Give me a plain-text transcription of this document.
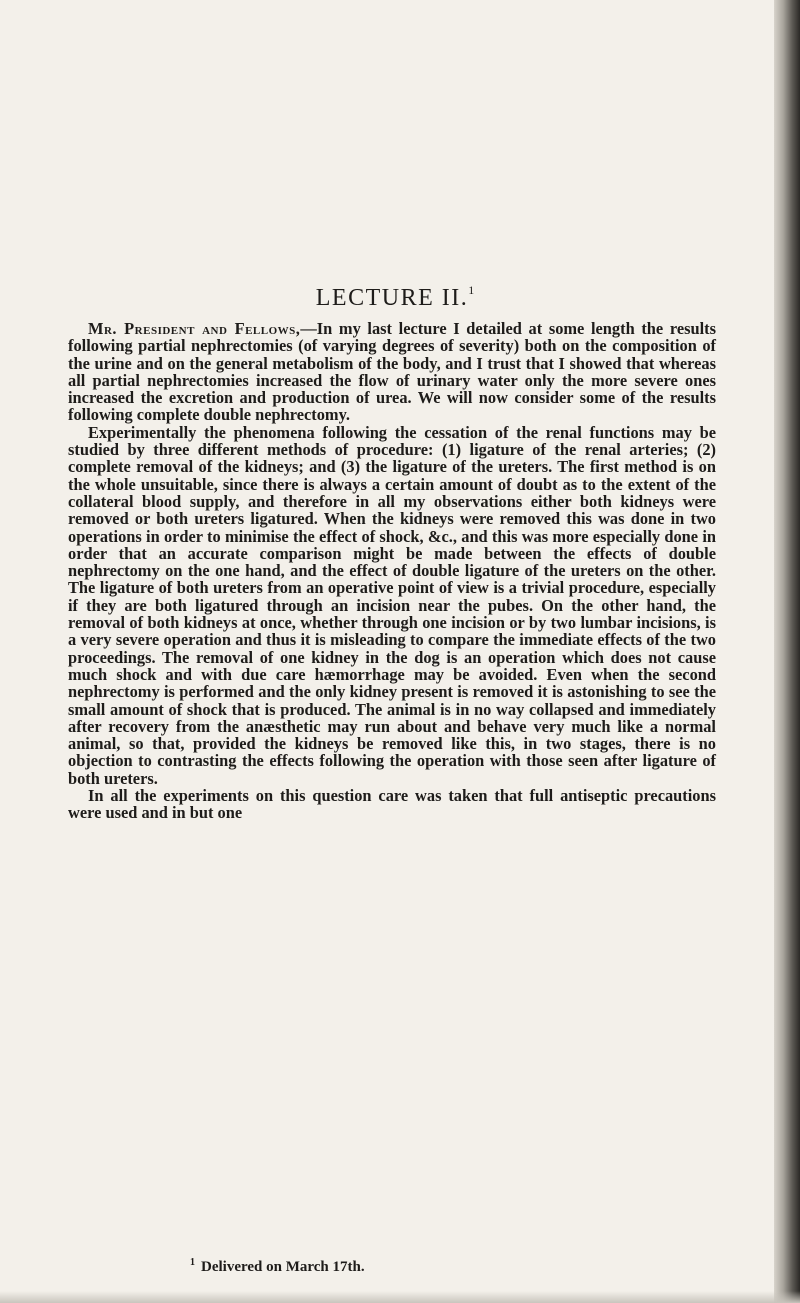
LECTURE II.$^1$

Mr. President and Fellows,—In my last lecture I detailed at some length the results following partial nephrectomies (of varying degrees of severity) both on the composition of the urine and on the general metabolism of the body, and I trust that I showed that whereas all partial nephrectomies increased the flow of urinary water only the more severe ones increased the excretion and production of urea. We will now consider some of the results following complete double nephrectomy.

Experimentally the phenomena following the cessation of the renal functions may be studied by three different methods of procedure: (1) ligature of the renal arteries; (2) complete removal of the kidneys; and (3) the ligature of the ureters. The first method is on the whole unsuitable, since there is always a certain amount of doubt as to the extent of the collateral blood supply, and therefore in all my observations either both kidneys were removed or both ureters ligatured. When the kidneys were removed this was done in two operations in order to minimise the effect of shock, &c., and this was more especially done in order that an accurate comparison might be made between the effects of double nephrectomy on the one hand, and the effect of double ligature of the ureters on the other. The ligature of both ureters from an operative point of view is a trivial procedure, especially if they are both ligatured through an incision near the pubes. On the other hand, the removal of both kidneys at once, whether through one incision or by two lumbar incisions, is a very severe operation and thus it is misleading to compare the immediate effects of the two proceedings. The removal of one kidney in the dog is an operation which does not cause much shock and with due care hæmorrhage may be avoided. Even when the second nephrectomy is performed and the only kidney present is removed it is astonishing to see the small amount of shock that is produced. The animal is in no way collapsed and immediately after recovery from the anæsthetic may run about and behave very much like a normal animal, so that, provided the kidneys be removed like this, in two stages, there is no objection to contrasting the effects following the operation with those seen after ligature of both ureters.

In all the experiments on this question care was taken that full antiseptic precautions were used and in but one

$^1$ Delivered on March 17th.
